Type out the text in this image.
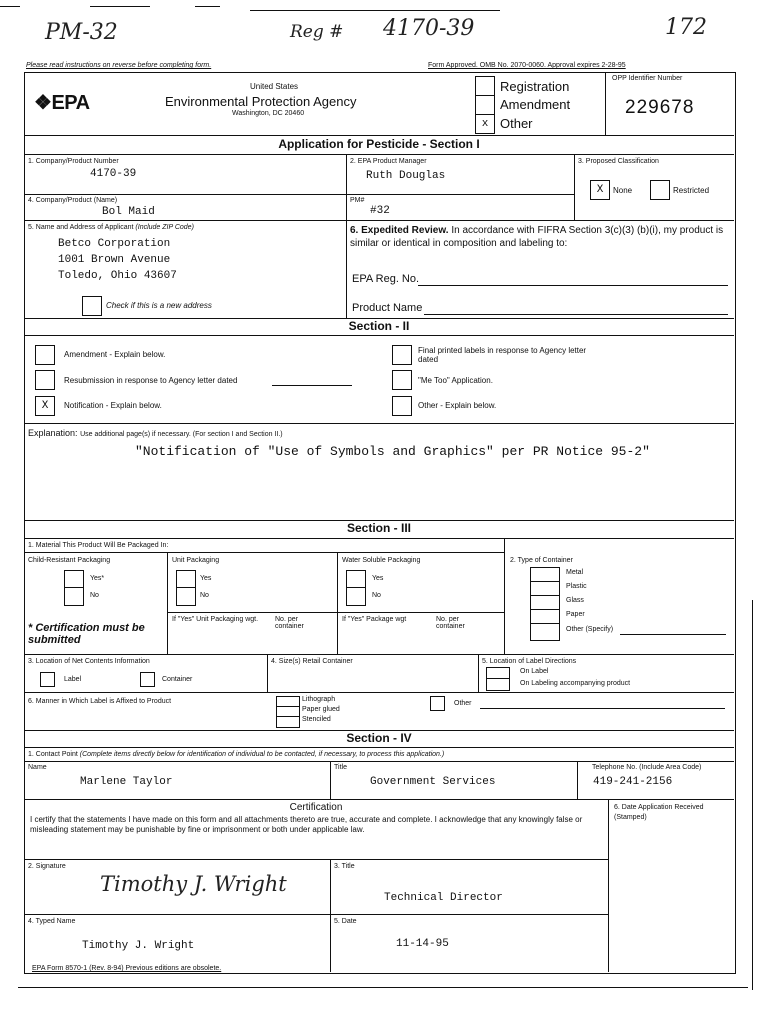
PM-32	Reg # 4170-39	172
Please read instructions on reverse before completing form.	Form Approved. OMB No. 2070-0060. Approval expires 2-28-95
❖EPA
United States
Environmental Protection Agency
Washington, DC 20460
Registration
Amendment
x Other
OPP Identifier Number
229678
Application for Pesticide - Section I
1. Company/Product Number
4170-39
2. EPA Product Manager
Ruth Douglas
3. Proposed Classification
X	None	Restricted
4. Company/Product (Name)
Bol Maid
PM#
#32
5. Name and Address of Applicant (Include ZIP Code)
Betco Corporation
1001 Brown Avenue
Toledo, Ohio 43607
Check if this is a new address
6. Expedited Review. In accordance with FIFRA Section 3(c)(3) (b)(i), my product is similar or identical in composition and labeling to:
EPA Reg. No.
Product Name
Section - II
Amendment - Explain below.
Resubmission in response to Agency letter dated
X	Notification - Explain below.
Final printed labels in response to Agency letter dated
"Me Too" Application.
Other - Explain below.
Explanation: Use additional page(s) if necessary. (For section I and Section II.)
"Notification of "Use of Symbols and Graphics" per PR Notice 95-2"
Section - III
1. Material This Product Will Be Packaged In:
Child-Resistant Packaging
Yes*
No
* Certification must be submitted
Unit Packaging
Yes
No
If "Yes" Unit Packaging wgt.	No. per container
Water Soluble Packaging
Yes
No
If "Yes" Package wgt	No. per container
2. Type of Container
Metal
Plastic
Glass
Paper
Other (Specify)
3. Location of Net Contents Information
Label	Container
4. Size(s) Retail Container	5. Location of Label Directions
On Label
On Labeling accompanying product
6. Manner in Which Label is Affixed to Product	Lithograph
Paper glued
Stenciled
Other
Section - IV
1. Contact Point (Complete items directly below for identification of individual to be contacted, if necessary, to process this application.)
Name
Marlene Taylor
Title
Government Services
Telephone No. (Include Area Code)
419-241-2156
Certification
I certify that the statements I have made on this form and all attachments thereto are true, accurate and complete. I acknowledge that any knowingly false or misleading statement may be punishable by fine or imprisonment or both under applicable law.
6. Date Application Received (Stamped)
2. Signature
Timothy J. Wright
3. Title
Technical Director
4. Typed Name
Timothy J. Wright
5. Date
11-14-95
EPA Form 8570-1 (Rev. 8-94) Previous editions are obsolete.
